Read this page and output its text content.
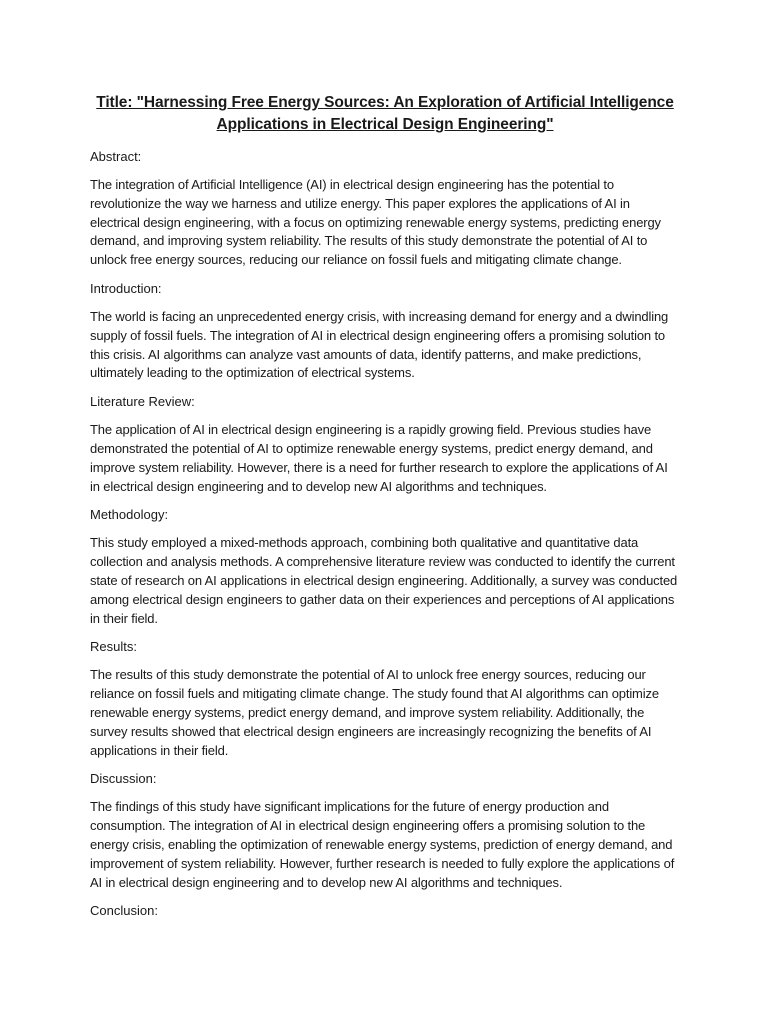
Title: "Harnessing Free Energy Sources: An Exploration of Artificial Intelligence Applications in Electrical Design Engineering"
Abstract:
The integration of Artificial Intelligence (AI) in electrical design engineering has the potential to revolutionize the way we harness and utilize energy. This paper explores the applications of AI in electrical design engineering, with a focus on optimizing renewable energy systems, predicting energy demand, and improving system reliability. The results of this study demonstrate the potential of AI to unlock free energy sources, reducing our reliance on fossil fuels and mitigating climate change.
Introduction:
The world is facing an unprecedented energy crisis, with increasing demand for energy and a dwindling supply of fossil fuels. The integration of AI in electrical design engineering offers a promising solution to this crisis. AI algorithms can analyze vast amounts of data, identify patterns, and make predictions, ultimately leading to the optimization of electrical systems.
Literature Review:
The application of AI in electrical design engineering is a rapidly growing field. Previous studies have demonstrated the potential of AI to optimize renewable energy systems, predict energy demand, and improve system reliability. However, there is a need for further research to explore the applications of AI in electrical design engineering and to develop new AI algorithms and techniques.
Methodology:
This study employed a mixed-methods approach, combining both qualitative and quantitative data collection and analysis methods. A comprehensive literature review was conducted to identify the current state of research on AI applications in electrical design engineering. Additionally, a survey was conducted among electrical design engineers to gather data on their experiences and perceptions of AI applications in their field.
Results:
The results of this study demonstrate the potential of AI to unlock free energy sources, reducing our reliance on fossil fuels and mitigating climate change. The study found that AI algorithms can optimize renewable energy systems, predict energy demand, and improve system reliability. Additionally, the survey results showed that electrical design engineers are increasingly recognizing the benefits of AI applications in their field.
Discussion:
The findings of this study have significant implications for the future of energy production and consumption. The integration of AI in electrical design engineering offers a promising solution to the energy crisis, enabling the optimization of renewable energy systems, prediction of energy demand, and improvement of system reliability. However, further research is needed to fully explore the applications of AI in electrical design engineering and to develop new AI algorithms and techniques.
Conclusion:
